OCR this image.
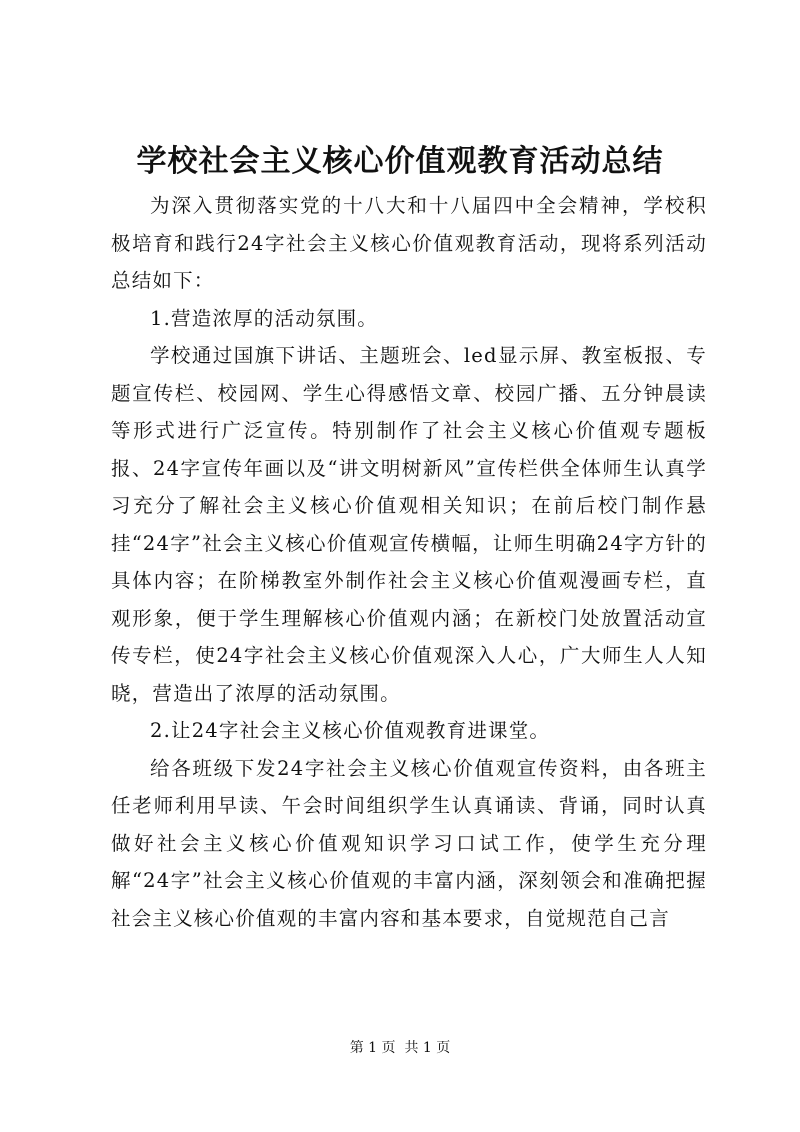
学校社会主义核心价值观教育活动总结

为深入贯彻落实党的十八大和十八届四中全会精神，学校积极培育和践行24字社会主义核心价值观教育活动，现将系列活动总结如下：

1.营造浓厚的活动氛围。

学校通过国旗下讲话、主题班会、led显示屏、教室板报、专题宣传栏、校园网、学生心得感悟文章、校园广播、五分钟晨读等形式进行广泛宣传。特别制作了社会主义核心价值观专题板报、24字宣传年画以及“讲文明树新风”宣传栏供全体师生认真学习充分了解社会主义核心价值观相关知识；在前后校门制作悬挂“24字”社会主义核心价值观宣传横幅，让师生明确24字方针的具体内容；在阶梯教室外制作社会主义核心价值观漫画专栏，直观形象，便于学生理解核心价值观内涵；在新校门处放置活动宣传专栏，使24字社会主义核心价值观深入人心，广大师生人人知晓，营造出了浓厚的活动氛围。

2.让24字社会主义核心价值观教育进课堂。

给各班级下发24字社会主义核心价值观宣传资料，由各班主任老师利用早读、午会时间组织学生认真诵读、背诵，同时认真做好社会主义核心价值观知识学习口试工作，使学生充分理解“24字”社会主义核心价值观的丰富内涵，深刻领会和准确把握社会主义核心价值观的丰富内容和基本要求，自觉规范自己言

第 1 页  共 1 页
